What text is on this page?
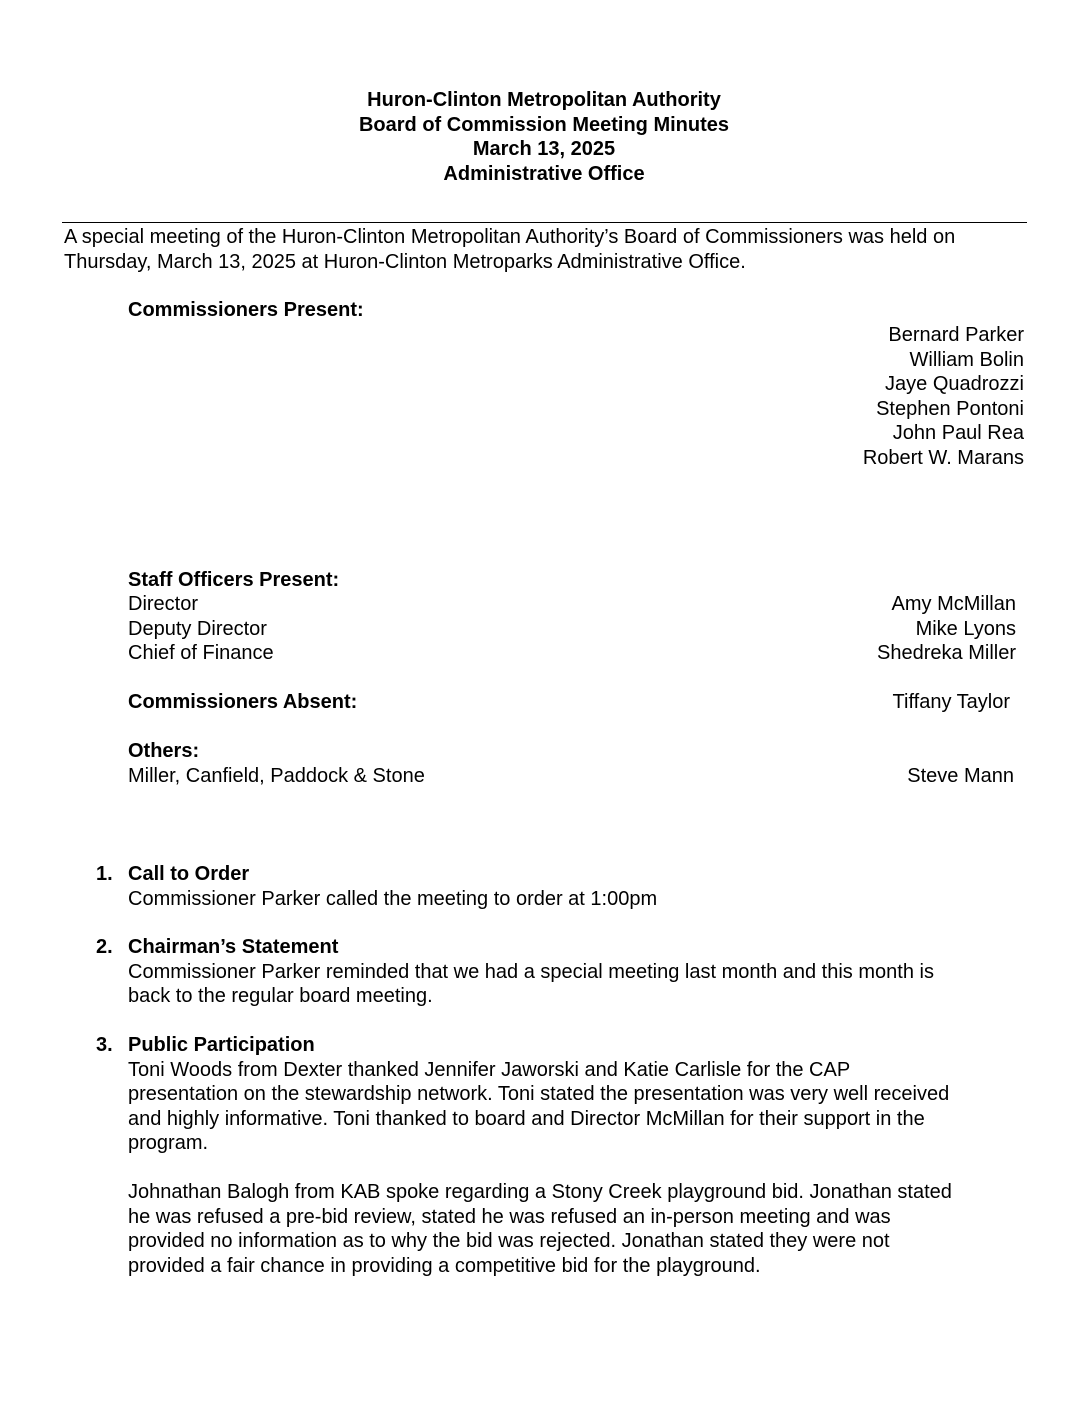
Huron-Clinton Metropolitan Authority
Board of Commission Meeting Minutes
March 13, 2025
Administrative Office
A special meeting of the Huron-Clinton Metropolitan Authority’s Board of Commissioners was held on
Thursday, March 13, 2025 at Huron-Clinton Metroparks Administrative Office.
Commissioners Present:
Bernard Parker
William Bolin
Jaye Quadrozzi
Stephen Pontoni
John Paul Rea
Robert W. Marans
Staff Officers Present:
Director	Amy McMillan
Deputy Director	Mike Lyons
Chief of Finance	Shedreka Miller
Commissioners Absent:	Tiffany Taylor
Others:
Miller, Canfield, Paddock & Stone	Steve Mann
1. Call to Order

Commissioner Parker called the meeting to order at 1:00pm

2. Chairman’s Statement

Commissioner Parker reminded that we had a special meeting last month and this month is

back to the regular board meeting.

3. Public Participation

Toni Woods from Dexter thanked Jennifer Jaworski and Katie Carlisle for the CAP

presentation on the stewardship network. Toni stated the presentation was very well received

and highly informative. Toni thanked to board and Director McMillan for their support in the

program.

Johnathan Balogh from KAB spoke regarding a Stony Creek playground bid. Jonathan stated

he was refused a pre-bid review, stated he was refused an in-person meeting and was

provided no information as to why the bid was rejected. Jonathan stated they were not

provided a fair chance in providing a competitive bid for the playground.
